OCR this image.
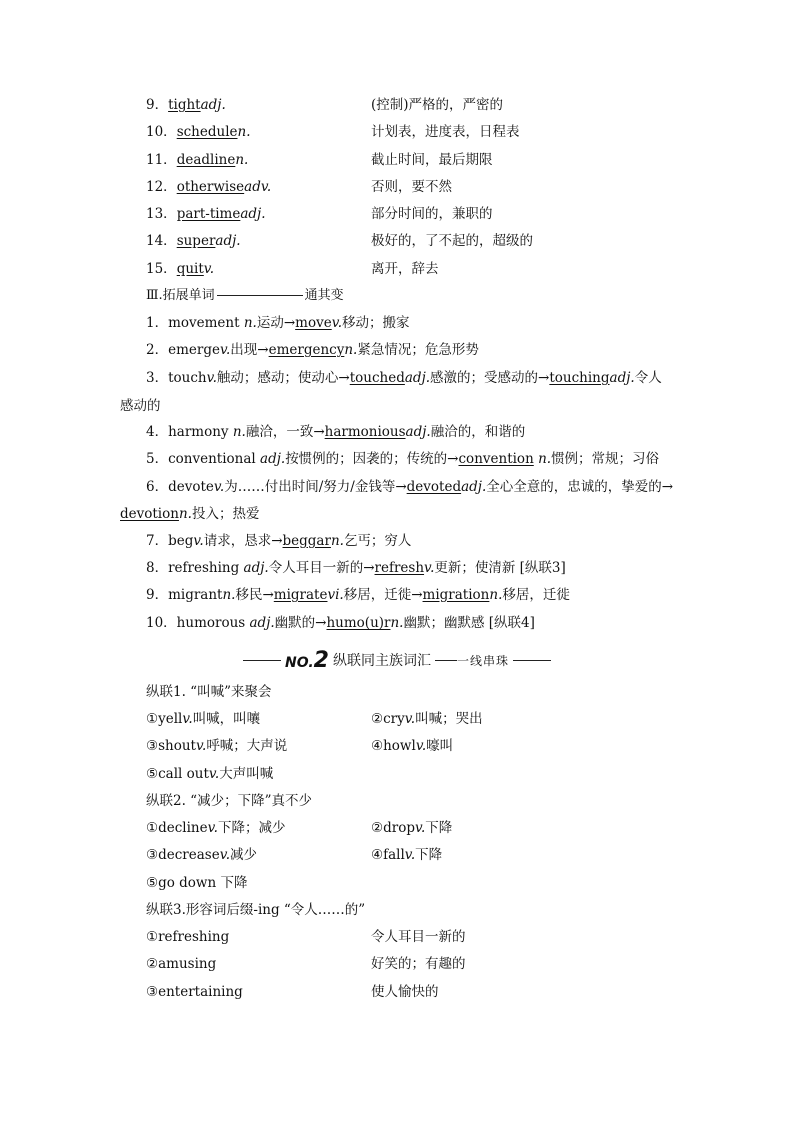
9．tightadj.	(控制)严格的，严密的
10．schedulen.	计划表，进度表，日程表
11．deadlinen.	截止时间，最后期限
12．otherwiseadv.	否则，要不然
13．part-timeadj.	部分时间的，兼职的
14．superadj.	极好的，了不起的，超级的
15．quitv.	离开，辞去
Ⅲ.拓展单词	通其变
1．movement n.运动→movev.移动；搬家
2．emergev.出现→emergencyn.紧急情况；危急形势
3．touchv.触动；感动；使动心→touchedadj.感激的；受感动的→touchingadj.令人
感动的
4．harmony n.融洽，一致→harmoniousadj.融洽的，和谐的
5．conventional adj.按惯例的；因袭的；传统的→convention n.惯例；常规；习俗
6．devotev.为……付出时间/努力/金钱等→devotedadj.全心全意的，忠诚的，挚爱的→
devotionn.投入；热爱
7．begv.请求，恳求→beggarn.乞丐；穷人
8．refreshing adj.令人耳目一新的→refreshv.更新；使清新 [纵联3]
9．migrantn.移民→migratevi.移居，迁徙→migrationn.移居，迁徙
10．humorous adj.幽默的→humo(u)rn.幽默；幽默感 [纵联4]
NO.2 纵联同主族词汇 一线串珠
纵联1. “叫喊”来聚会
①yellv.叫喊，叫嚷	②cryv.叫喊；哭出
③shoutv.呼喊；大声说	④howlv.嚎叫
⑤call outv.大声叫喊
纵联2. “减少；下降”真不少
①declinev.下降；减少	②dropv.下降
③decreasev.减少	④fallv.下降
⑤go down 下降
纵联3.形容词后缀-ing “令人……的”
①refreshing	令人耳目一新的
②amusing	好笑的；有趣的
③entertaining	使人愉快的
